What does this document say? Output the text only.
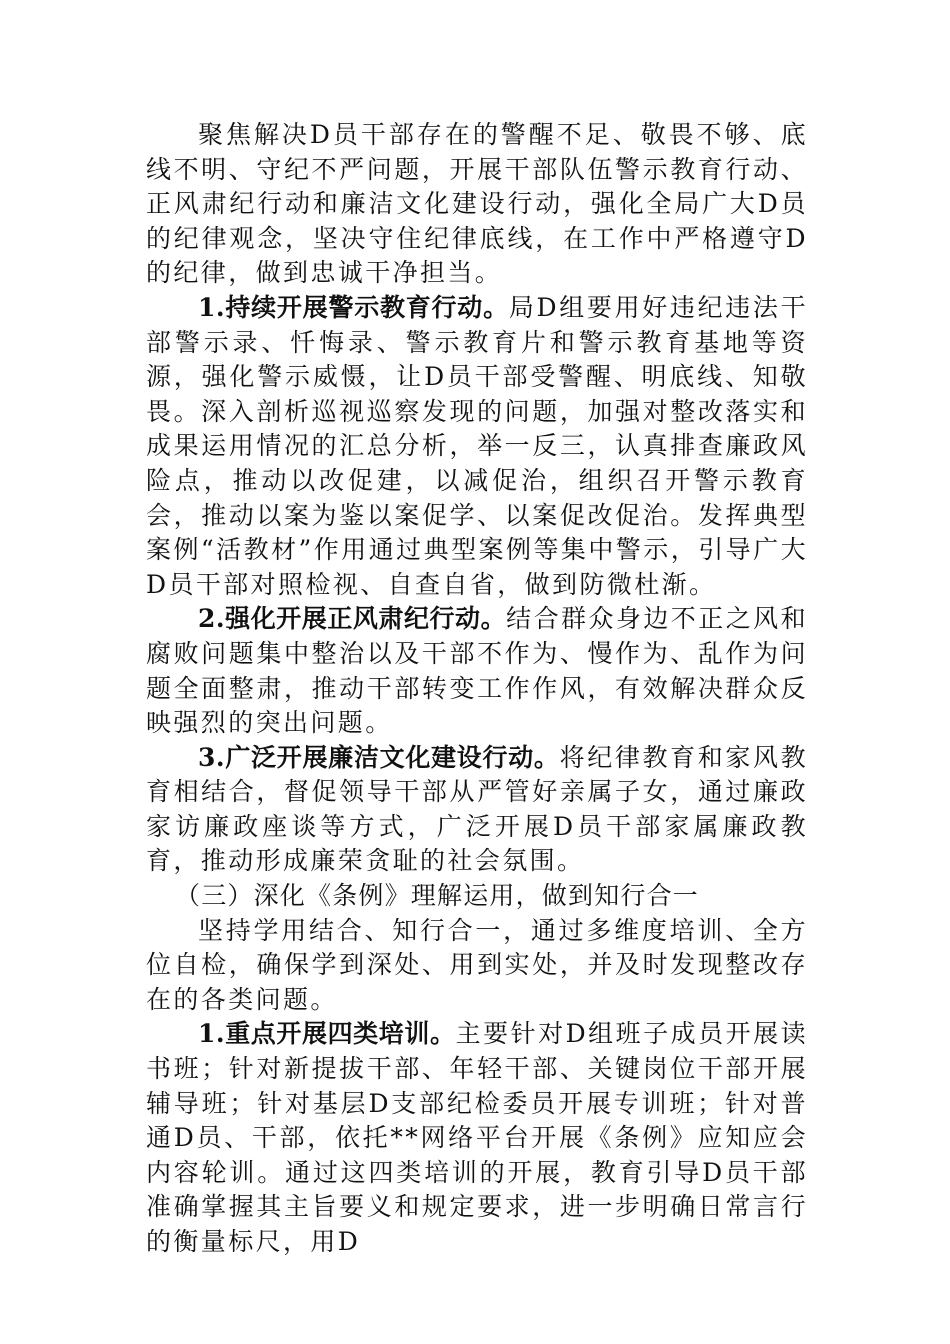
聚焦解决D员干部存在的警醒不足、敬畏不够、底线不明、守纪不严问题，开展干部队伍警示教育行动、正风肃纪行动和廉洁文化建设行动，强化全局广大D员的纪律观念，坚决守住纪律底线，在工作中严格遵守D的纪律，做到忠诚干净担当。

1.持续开展警示教育行动。局D组要用好违纪违法干部警示录、忏悔录、警示教育片和警示教育基地等资源，强化警示威慑，让D员干部受警醒、明底线、知敬畏。深入剖析巡视巡察发现的问题，加强对整改落实和成果运用情况的汇总分析，举一反三，认真排查廉政风险点，推动以改促建，以减促治，组织召开警示教育会，推动以案为鉴以案促学、以案促改促治。发挥典型案例“活教材”作用通过典型案例等集中警示，引导广大D员干部对照检视、自查自省，做到防微杜渐。

2.强化开展正风肃纪行动。结合群众身边不正之风和腐败问题集中整治以及干部不作为、慢作为、乱作为问题全面整肃，推动干部转变工作作风，有效解决群众反映强烈的突出问题。

3.广泛开展廉洁文化建设行动。将纪律教育和家风教育相结合，督促领导干部从严管好亲属子女，通过廉政家访廉政座谈等方式，广泛开展D员干部家属廉政教育，推动形成廉荣贪耻的社会氛围。

（三）深化《条例》理解运用，做到知行合一

坚持学用结合、知行合一，通过多维度培训、全方位自检，确保学到深处、用到实处，并及时发现整改存在的各类问题。

1.重点开展四类培训。主要针对D组班子成员开展读书班；针对新提拔干部、年轻干部、关键岗位干部开展辅导班；针对基层D支部纪检委员开展专训班；针对普通D员、干部，依托**网络平台开展《条例》应知应会内容轮训。通过这四类培训的开展，教育引导D员干部准确掌握其主旨要义和规定要求，进一步明确日常言行的衡量标尺，用D
